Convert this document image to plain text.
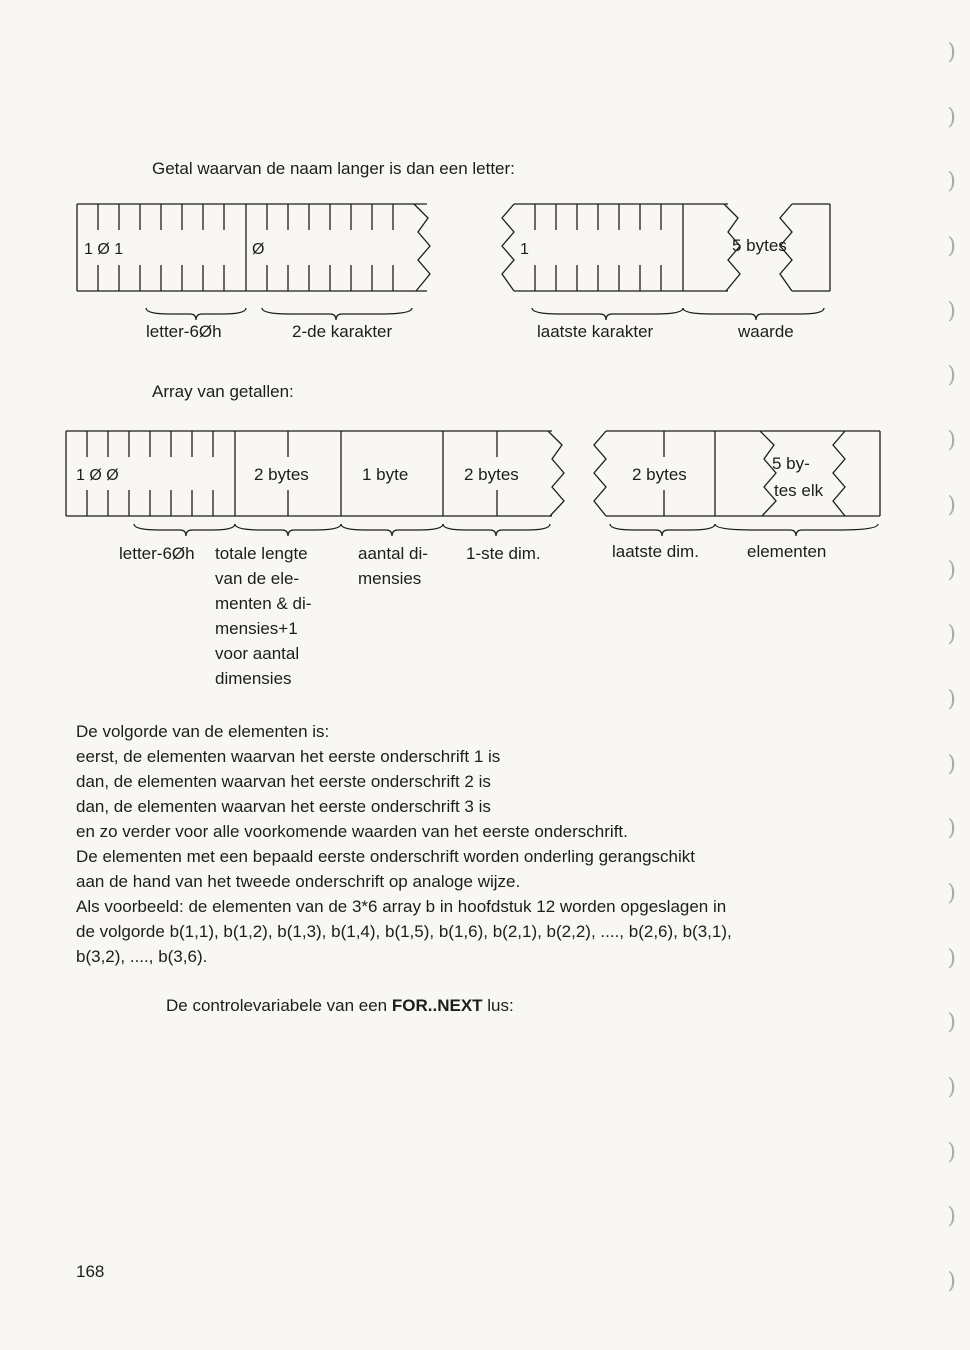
Getal waarvan de naam langer is dan een letter:
1 Ø 1	Ø	1	5 bytes
letter-6Øh	2-de karakter	laatste karakter	waarde
1 Ø Ø	2 bytes	1 byte	2 bytes	2 bytes
5 by-
tes elk
letter-6Øh totale lengte
van de ele-
menten & di-
mensies+1
voor aantal
dimensies
aantal di-
mensies
1-ste dim.	laatste dim.	elementen
Array van getallen:
De volgorde van de elementen is:
eerst, de elementen waarvan het eerste onderschrift 1 is
dan, de elementen waarvan het eerste onderschrift 2 is
dan, de elementen waarvan het eerste onderschrift 3 is
en zo verder voor alle voorkomende waarden van het eerste onderschrift.
De elementen met een bepaald eerste onderschrift worden onderling gerangschikt
aan de hand van het tweede onderschrift op analoge wijze.
Als voorbeeld: de elementen van de 3*6 array b in hoofdstuk 12 worden opgeslagen in
de volgorde b(1,1), b(1,2), b(1,3), b(1,4), b(1,5), b(1,6), b(2,1), b(2,2), ...., b(2,6), b(3,1),
b(3,2), ...., b(3,6).
De controlevariabele van een FOR..NEXT lus:
168
)
)
)
)
)
)
)
)
)
)
)
)
)
)
)
)
)
)
)
)
